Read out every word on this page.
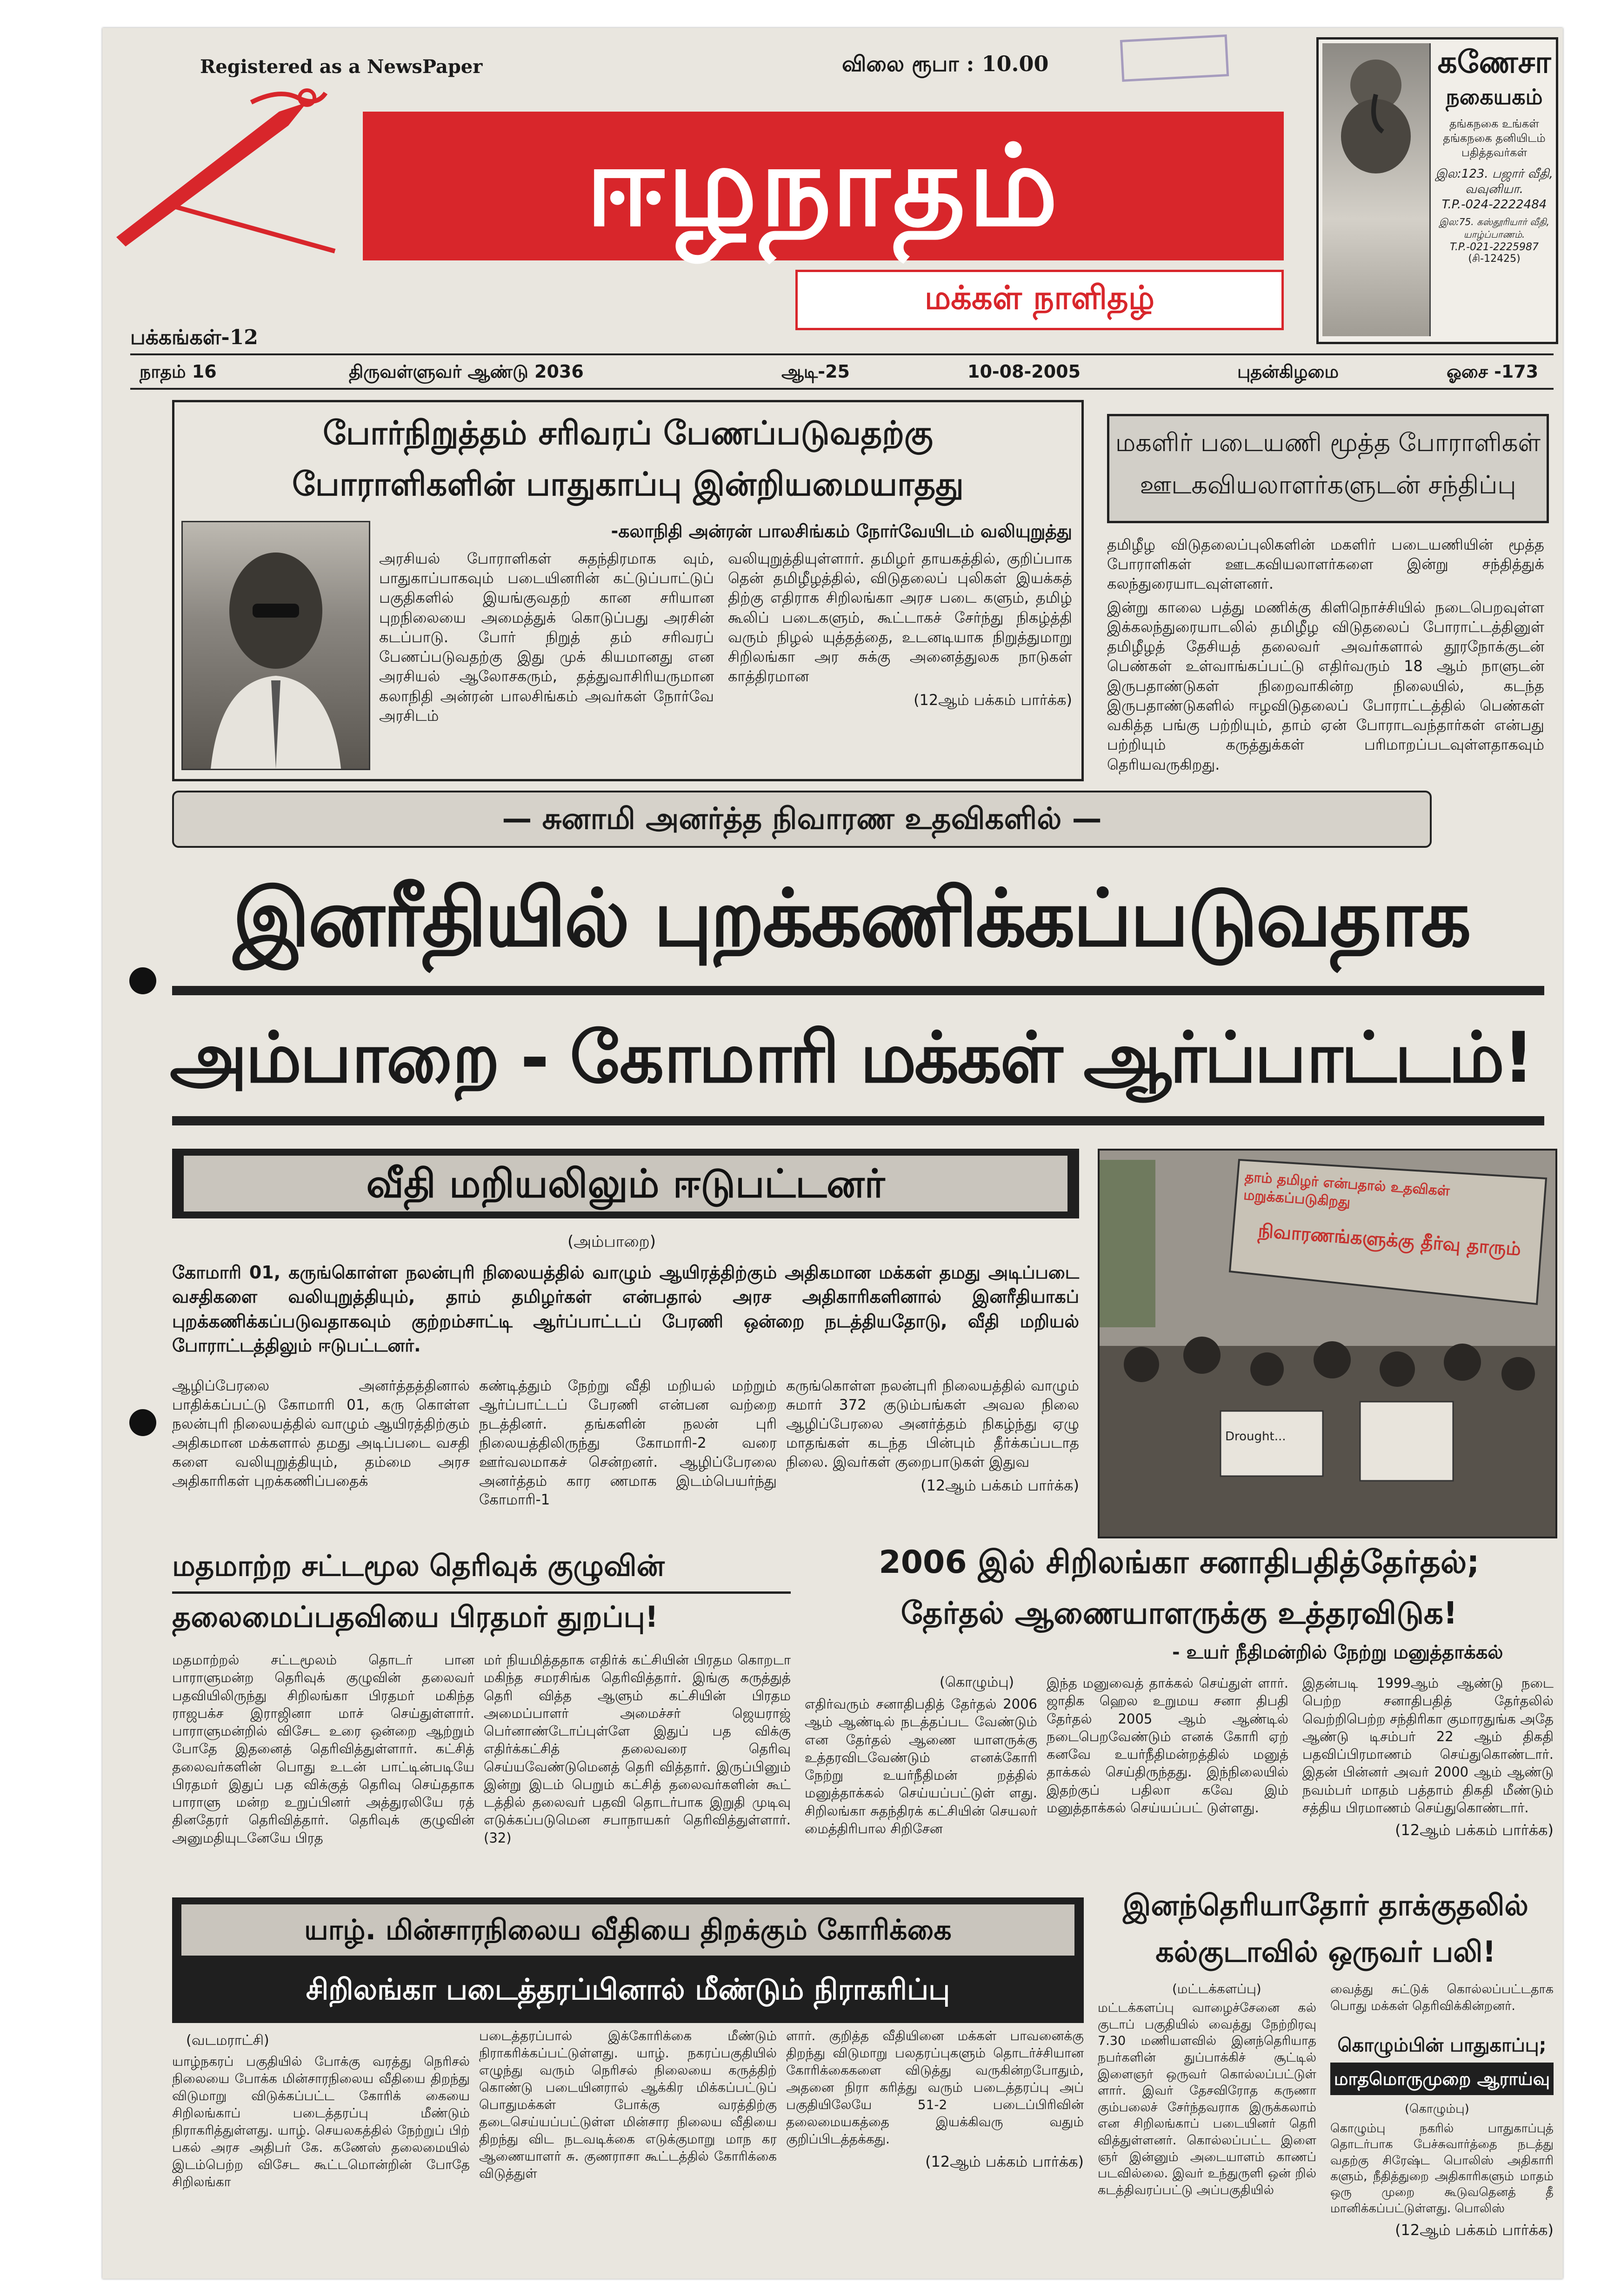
Registered as a NewsPaper	விலை ரூபா : 10.00
ஈழநாதம்
மக்கள் நாளிதழ்
பக்கங்கள்-12
கணேசா
நகையகம்
தங்கநகை உங்கள்
தங்கநகை தனியிடம்
பதித்தவர்கள்
இல:123. பஜார் வீதி,
வவுனியா.
T.P.-024-2222484
இல:75. கஸ்தூரியார் வீதி,
யாழ்ப்பாணம்.
T.P.-021-2225987
(சி-12425)
நாதம் 16	திருவள்ளுவர் ஆண்டு 2036	ஆடி-25	10-08-2005	புதன்கிழமை	ஓசை -173
போர்நிறுத்தம் சரிவரப் பேணப்படுவதற்கு
போராளிகளின் பாதுகாப்பு இன்றியமையாதது
-கலாநிதி அன்ரன் பாலசிங்கம் நோர்வேயிடம் வலியுறுத்து
அரசியல் போராளிகள் சுதந்திரமாக வும், பாதுகாப்பாகவும் படையினரின் கட்டுப்பாட்டுப் பகுதிகளில் இயங்குவதற் கான சரியான புறநிலையை அமைத்துக் கொடுப்பது அரசின் கடப்பாடு. போர் நிறுத் தம் சரிவரப் பேணப்படுவதற்கு இது முக் கியமானது என அரசியல் ஆலோசகரும், தத்துவாசிரியருமான கலாநிதி அன்ரன் பாலசிங்கம் அவர்கள் நோர்வே அரசிடம்

வலியுறுத்தியுள்ளார். தமிழர் தாயகத்தில், குறிப்பாக தென் தமிழீழத்தில், விடுதலைப் புலிகள் இயக்கத் திற்கு எதிராக சிறிலங்கா அரச படை களும், தமிழ் கூலிப் படைகளும், கூட்டாகச் சேர்ந்து நிகழ்த்தி வரும் நிழல் யுத்தத்தை, உடனடியாக நிறுத்துமாறு சிறிலங்கா அர சுக்கு அனைத்துலக நாடுகள் காத்திரமான

(12ஆம் பக்கம் பார்க்க)
மகளிர் படையணி மூத்த போராளிகள்
ஊடகவியலாளர்களுடன் சந்திப்பு

தமிழீழ விடுதலைப்புலிகளின் மகளிர் படையணியின் மூத்த போராளிகள் ஊடகவியலாளர்களை இன்று சந்தித்துக் கலந்துரையாடவுள்ளனர்.

இன்று காலை பத்து மணிக்கு கிளிநொச்சியில் நடைபெறவுள்ள இக்கலந்துரையாடலில் தமிழீழ விடுதலைப் போராட்டத்தினுள் தமிழீழத் தேசியத் தலைவர் அவர்களால் தூரநோக்குடன் பெண்கள் உள்வாங்கப்பட்டு எதிர்வரும் 18 ஆம் நாளுடன் இருபதாண்டுகள் நிறைவாகின்ற நிலையில், கடந்த இருபதாண்டுகளில் ஈழவிடுதலைப் போராட்டத்தில் பெண்கள் வகித்த பங்கு பற்றியும், தாம் ஏன் போராடவந்தார்கள் என்பது பற்றியும் கருத்துக்கள் பரிமாறப்படவுள்ளதாகவும் தெரியவருகிறது.

— சுனாமி அனர்த்த நிவாரண உதவிகளில் —
இனரீதியில் புறக்கணிக்கப்படுவதாக
அம்பாறை - கோமாரி மக்கள் ஆர்ப்பாட்டம்!
வீதி மறியலிலும் ஈடுபட்டனர்
(அம்பாறை)
கோமாரி 01, கருங்கொள்ள நலன்புரி நிலையத்தில் வாழும் ஆயிரத்திற்கும் அதிகமான மக்கள் தமது அடிப்படை வசதிகளை வலியுறுத்தியும், தாம் தமிழர்கள் என்பதால் அரச அதிகாரிகளினால் இனரீதியாகப் புறக்கணிக்கப்படுவதாகவும் குற்றம்சாட்டி ஆர்ப்பாட்டப் பேரணி ஒன்றை நடத்தியதோடு, வீதி மறியல் போராட்டத்திலும் ஈடுபட்டனர்.
ஆழிப்பேரலை அனர்த்தத்தினால் பாதிக்கப்பட்டு கோமாரி 01, கரு கொள்ள நலன்புரி நிலையத்தில் வாழும் ஆயிரத்திற்கும் அதிகமான மக்களால் தமது அடிப்படை வசதி களை வலியுறுத்தியும், தம்மை அரச அதிகாரிகள் புறக்கணிப்பதைக்
கண்டித்தும் நேற்று வீதி மறியல் மற்றும் ஆர்ப்பாட்டப் பேரணி என்பன வற்றை நடத்தினர். தங்களின் நலன் புரி நிலையத்திலிருந்து கோமாரி-2 வரை ஊர்வலமாகச் சென்றனர். ஆழிப்பேரலை அனர்த்தம் கார ணமாக இடம்பெயர்ந்து கோமாரி-1

கருங்கொள்ள நலன்புரி நிலையத்தில் வாழும் சுமார் 372 குடும்பங்கள் அவல நிலை ஆழிப்பேரலை அனர்த்தம் நிகழ்ந்து ஏழு மாதங்கள் கடந்த பின்பும் தீர்க்கப்படாத நிலை. இவர்கள் குறைபாடுகள் இதுவ

(12ஆம் பக்கம் பார்க்க)
தாம் தமிழர் என்பதால் உதவிகள் மறுக்கப்படுகிறது
நிவாரணங்களுக்கு தீர்வு தாரும்
Drought...
மதமாற்ற சட்டமூல தெரிவுக் குழுவின்
தலைமைப்பதவியை பிரதமர் துறப்பு!
மதமாற்றல் சட்டமூலம் தொடர் பான பாராளுமன்ற தெரிவுக் குழுவின் தலைவர் பதவியிலிருந்து சிறிலங்கா பிரதமர் மகிந்த ராஜபக்ச இராஜினா மாச் செய்துள்ளார். பாராளுமன்றில் விசேட உரை ஒன்றை ஆற்றும் போதே இதனைத் தெரிவித்துள்ளார். கட்சித் தலைவர்களின் பொது உடன் பாட்டின்படியே பிரதமர் இதுப் பத விக்குத் தெரிவு செய்ததாக பாராளு மன்ற உறுப்பினர் அத்துரலியே ரத் தினதேரர் தெரிவித்தார். தெரிவுக் குழுவின் அனுமதியுடனேயே பிரத
மர் நியமித்ததாக எதிர்க் கட்சியின் பிரதம கொறடா மகிந்த சமரசிங்க தெரிவித்தார். இங்கு கருத்துத் தெரி வித்த ஆளும் கட்சியின் பிரதம அமைப்பாளர் அமைச்சர் ஜெயராஜ் பெர்னாண்டோப்புள்ளே இதுப் பத விக்கு எதிர்க்கட்சித் தலைவரை தெரிவு செய்யவேண்டுமெனத் தெரி வித்தார். இருப்பினும் இன்று இடம் பெறும் கட்சித் தலைவர்களின் கூட் டத்தில் தலைவர் பதவி தொடர்பாக இறுதி முடிவு எடுக்கப்படுமென சபாநாயகர் தெரிவித்துள்ளார். (32)
2006 இல் சிறிலங்கா சனாதிபதித்தேர்தல்;
தேர்தல் ஆணையாளருக்கு உத்தரவிடுக!
- உயர் நீதிமன்றில் நேற்று மனுத்தாக்கல்
(கொழும்பு)
எதிர்வரும் சனாதிபதித் தேர்தல் 2006 ஆம் ஆண்டில் நடத்தப்பட வேண்டும் என தேர்தல் ஆணை யாளருக்கு உத்தரவிடவேண்டும் எனக்கோரி நேற்று உயர்நீதிமன் றத்தில் மனுத்தாக்கல் செய்யப்பட்டுள் ளது. சிறிலங்கா சுதந்திரக் கட்சியின் செயலர் மைத்திரிபால சிறிசேன
இந்த மனுவைத் தாக்கல் செய்துள் ளார். ஜாதிக ஹெல உறுமய சனா திபதி தேர்தல் 2005 ஆம் ஆண்டில் நடைபெறவேண்டும் எனக் கோரி ஏற் கனவே உயர்நீதிமன்றத்தில் மனுத் தாக்கல் செய்திருந்தது. இந்நிலையில் இதற்குப் பதிலா கவே இம் மனுத்தாக்கல் செய்யப்பட் டுள்ளது.

இதன்படி 1999ஆம் ஆண்டு நடை பெற்ற சனாதிபதித் தேர்தலில் வெற்றிபெற்ற சந்திரிகா குமாரதுங்க அதே ஆண்டு டிசம்பர் 22 ஆம் திகதி பதவிப்பிரமாணம் செய்துகொண்டார். இதன் பின்னர் அவர் 2000 ஆம் ஆண்டு நவம்பர் மாதம் பத்தாம் திகதி மீண்டும் சத்திய பிரமாணம் செய்துகொண்டார்.

(12ஆம் பக்கம் பார்க்க)
யாழ். மின்சாரநிலைய வீதியை திறக்கும் கோரிக்கை
சிறிலங்கா படைத்தரப்பினால் மீண்டும் நிராகரிப்பு
(வடமராட்சி)
யாழ்நகரப் பகுதியில் போக்கு வரத்து நெரிசல் நிலையை போக்க மின்சாரநிலைய வீதியை திறந்து விடுமாறு விடுக்கப்பட்ட கோரிக் கையை சிறிலங்காப் படைத்தரப்பு மீண்டும் நிராகரித்துள்ளது. யாழ். செயலகத்தில் நேற்றுப் பிற் பகல் அரச அதிபர் கே. கணேஸ் தலைமையில் இடம்பெற்ற விசேட கூட்டமொன்றின் போதே சிறிலங்கா
படைத்தரப்பால் இக்கோரிக்கை மீண்டும் நிராகரிக்கப்பட்டுள்ளது. யாழ். நகரப்பகுதியில் எழுந்து வரும் நெரிசல் நிலையை கருத்திற் கொண்டு படையினரால் ஆக்கிர மிக்கப்பட்டுப் பொதுமக்கள் போக்கு வரத்திற்கு தடைசெய்யப்பட்டுள்ள மின்சார நிலைய வீதியை திறந்து விட நடவடிக்கை எடுக்குமாறு மாந கர ஆணையாளர் சு. குணராசா கூட்டத்தில் கோரிக்கை விடுத்துள்

ளார். குறித்த வீதியினை மக்கள் பாவனைக்கு திறந்து விடுமாறு பலதரப்புகளும் தொடர்ச்சியான கோரிக்கைகளை விடுத்து வருகின்றபோதும், அதனை நிரா கரித்து வரும் படைத்தரப்பு அப் பகுதியிலேயே 51-2 படைப்பிரிவின் தலைமையகத்தை இயக்கிவரு வதும் குறிப்பிடத்தக்கது.

(12ஆம் பக்கம் பார்க்க)
இனந்தெரியாதோர் தாக்குதலில்
கல்குடாவில் ஒருவர் பலி!
(மட்டக்களப்பு)
மட்டக்களப்பு வாழைச்சேனை கல் குடாப் பகுதியில் வைத்து நேற்றிரவு 7.30 மணியளவில் இனந்தெரியாத நபர்களின் துப்பாக்கிச் சூட்டில் இளைஞர் ஒருவர் கொல்லப்பட்டுள் ளார். இவர் தேசவிரோத கருணா கும்பலைச் சேர்ந்தவராக இருக்கலாம் என சிறிலங்காப் படையினர் தெரி வித்துள்ளனர். கொல்லப்பட்ட இளை ஞர் இன்னும் அடையாளம் காணப் படவில்லை. இவர் உந்துருளி ஒன் றில் கடத்திவரப்பட்டு அப்பகுதியில்
வைத்து சுட்டுக் கொல்லப்பட்டதாக பொது மக்கள் தெரிவிக்கின்றனர்.
கொழும்பின் பாதுகாப்பு;
மாதமொருமுறை ஆராய்வு
(கொழும்பு)

கொழும்பு நகரில் பாதுகாப்புத் தொடர்பாக பேச்சுவார்த்தை நடத்து வதற்கு சிரேஷ்ட பொலிஸ் அதிகாரி களும், நீதித்துறை அதிகாரிகளும் மாதம் ஒரு முறை கூடுவதெனத் தீ மானிக்கப்பட்டுள்ளது. பொலிஸ்

(12ஆம் பக்கம் பார்க்க)
